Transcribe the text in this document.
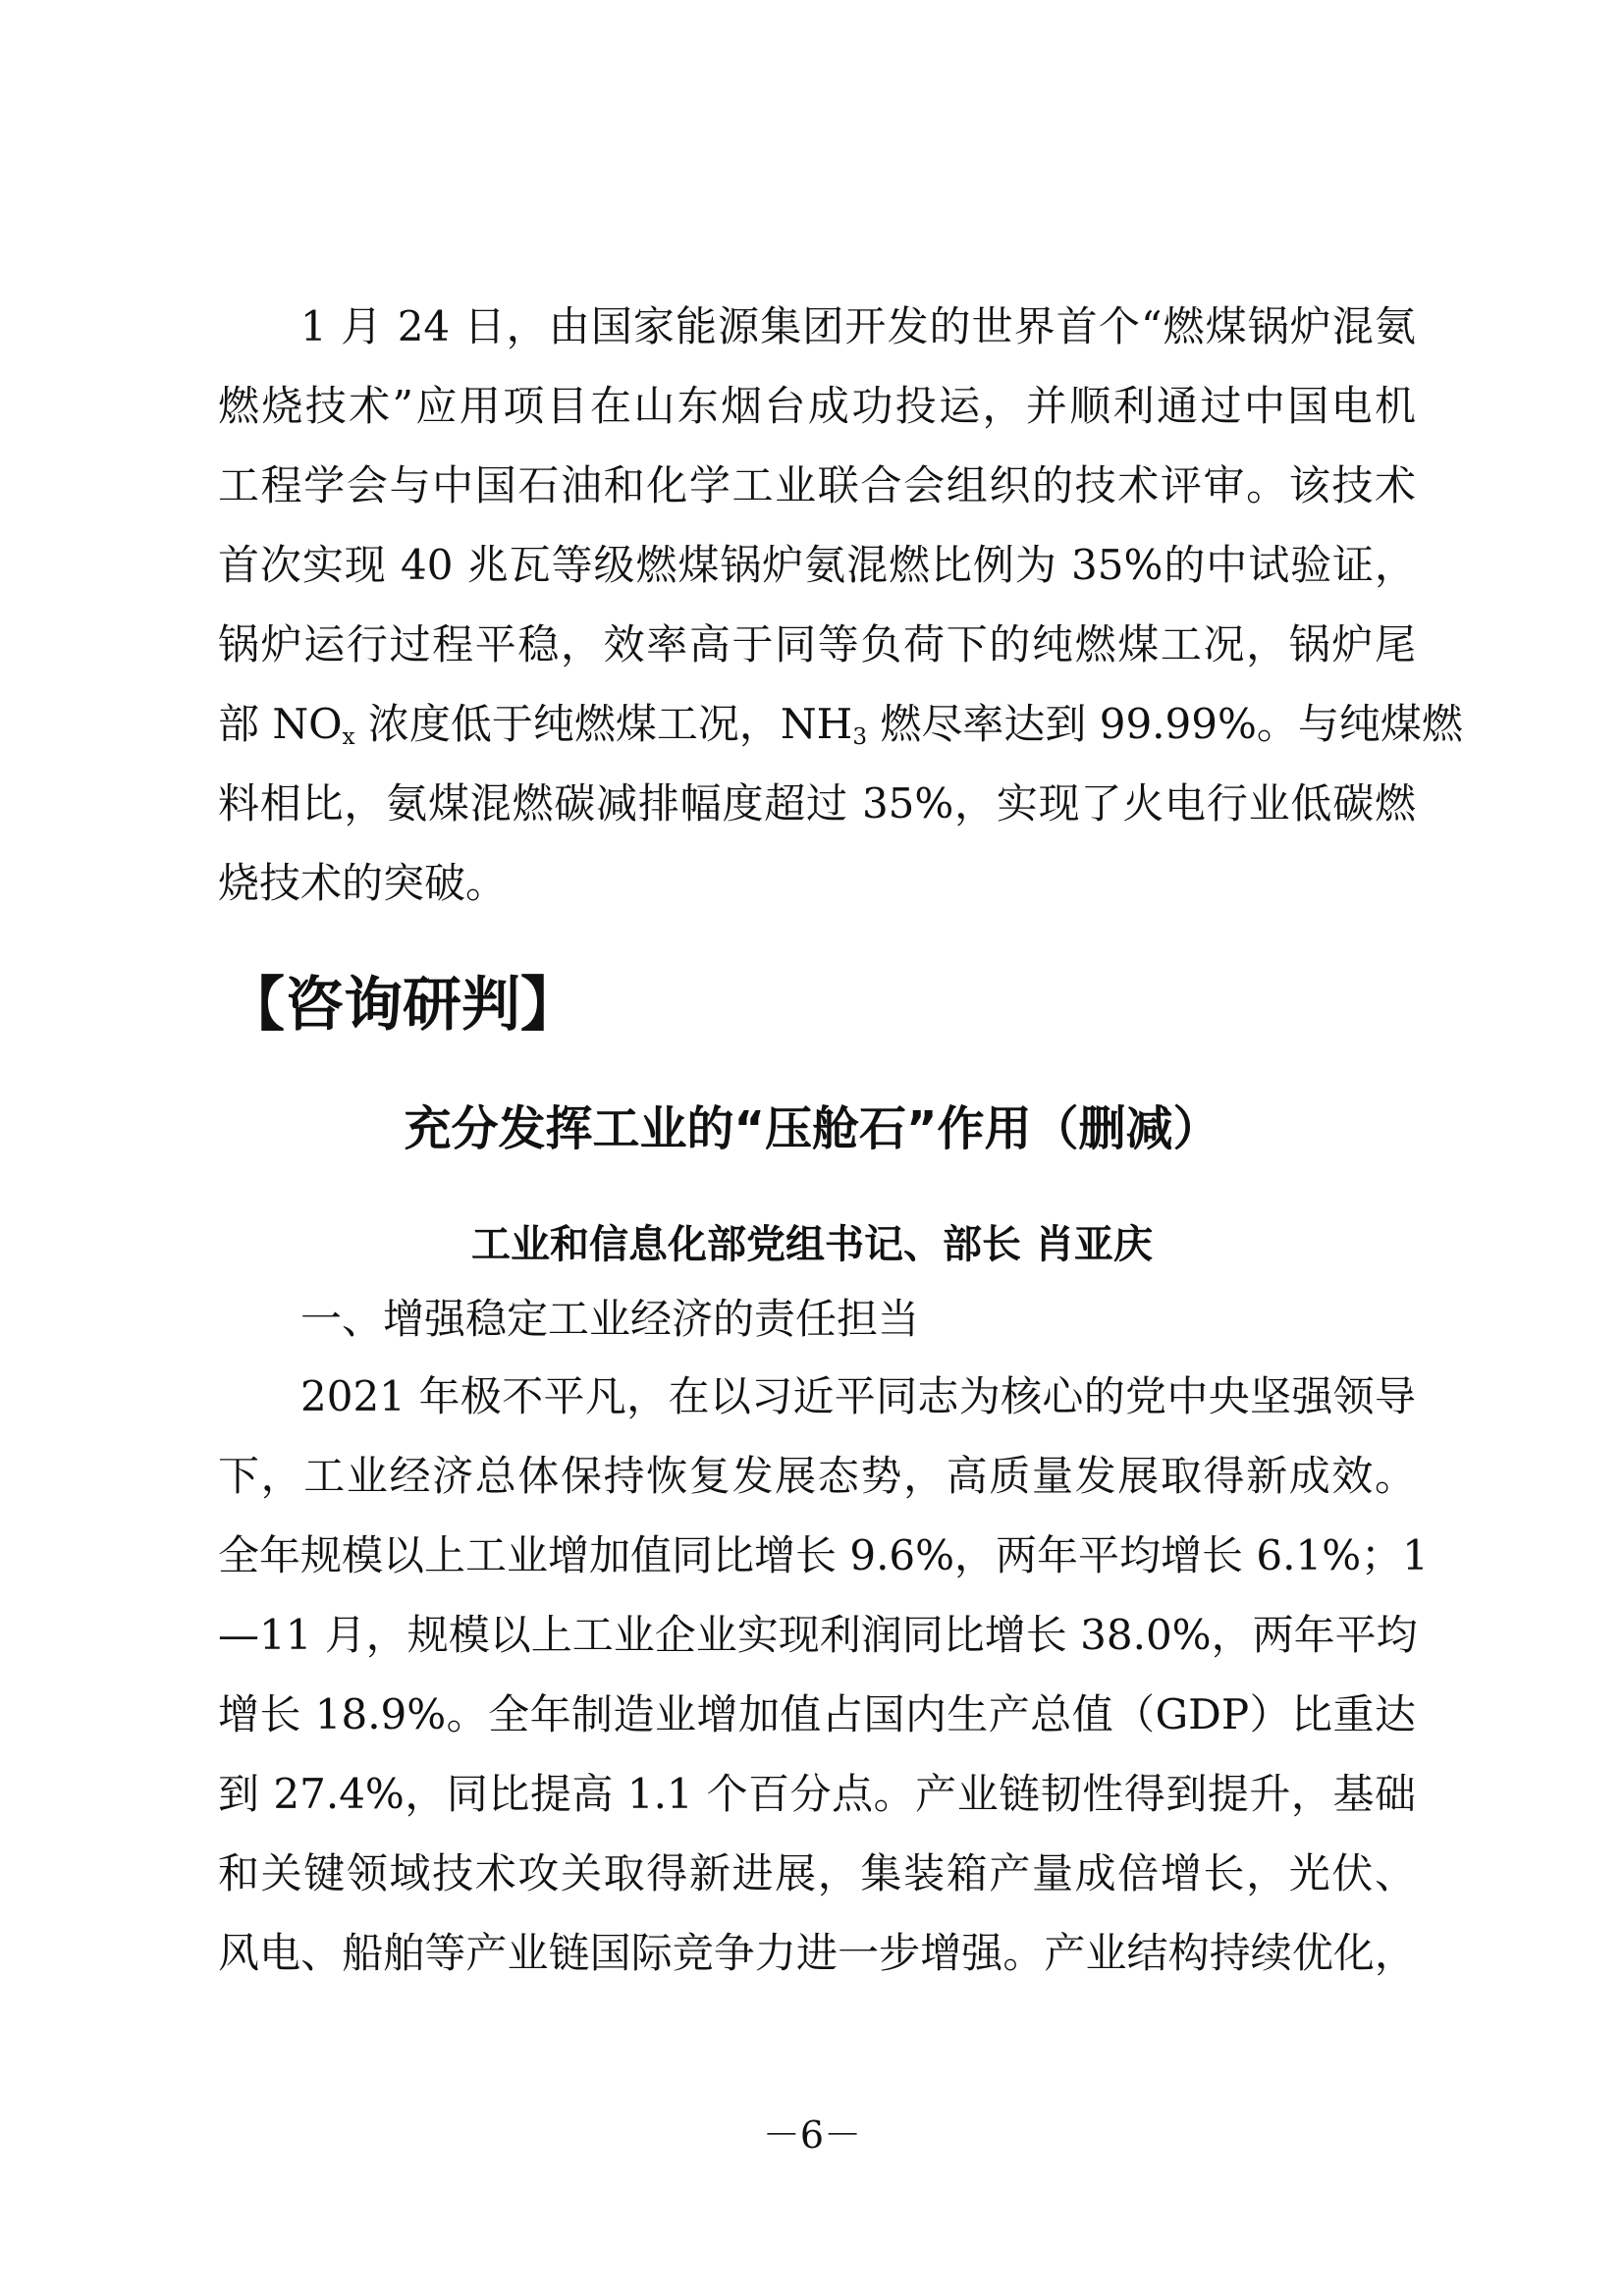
1 月 24 日，由国家能源集团开发的世界首个“燃煤锅炉混氨
燃烧技术”应用项目在山东烟台成功投运，并顺利通过中国电机
工程学会与中国石油和化学工业联合会组织的技术评审。该技术
首次实现 40 兆瓦等级燃煤锅炉氨混燃比例为 35%的中试验证，
锅炉运行过程平稳，效率高于同等负荷下的纯燃煤工况，锅炉尾
部 $NO_x$ 浓度低于纯燃煤工况，$NH_3$ 燃尽率达到 99.99%。与纯煤燃
料相比，氨煤混燃碳减排幅度超过 35%，实现了火电行业低碳燃
烧技术的突破。
【咨询研判】
充分发挥工业的“压舱石”作用（删减）
工业和信息化部党组书记、部长 肖亚庆
一、增强稳定工业经济的责任担当
2021 年极不平凡，在以习近平同志为核心的党中央坚强领导
下，工业经济总体保持恢复发展态势，高质量发展取得新成效。
全年规模以上工业增加值同比增长 9.6%，两年平均增长 6.1%；1
—11 月，规模以上工业企业实现利润同比增长 38.0%，两年平均
增长 18.9%。全年制造业增加值占国内生产总值（GDP）比重达
到 27.4%，同比提高 1.1 个百分点。产业链韧性得到提升，基础
和关键领域技术攻关取得新进展，集装箱产量成倍增长，光伏、
风电、船舶等产业链国际竞争力进一步增强。产业结构持续优化，
－6－
